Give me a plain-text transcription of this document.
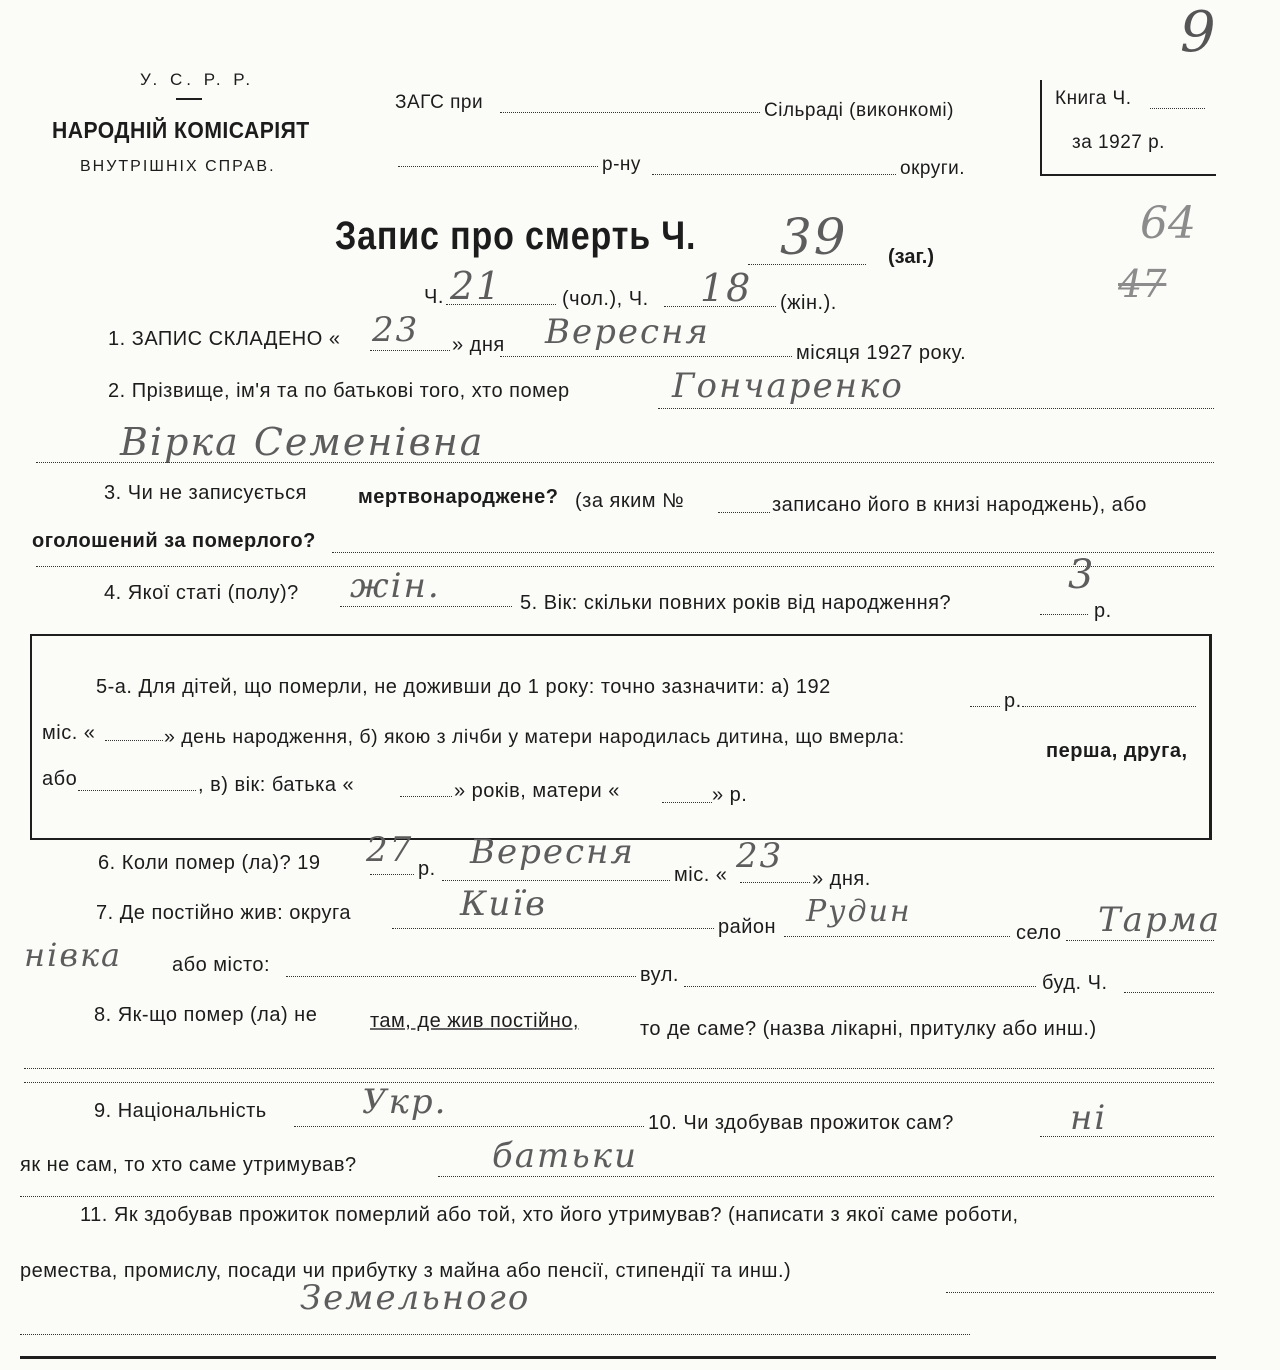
У. С. Р. Р.
НАРОДНІЙ КОМІСАРІЯТ
ВНУТРІШНІХ СПРАВ.
ЗАГС при	Сільраді (виконкомі)
р-ну	округи.
Книга Ч.
за 1927 р.
9
Запис про смерть Ч. 39 (заг.)
64
47
Ч. 21	(чол.), Ч. 18 (жін.).
1. ЗАПИС СКЛАДЕНО « 23 » дня Вересня
місяця 1927 року.
2. Прізвище, ім'я та по батькові того, хто помер	Гончаренко
Вірка Семенівна
3. Чи не записується	мертвонароджене? (за яким №	записано його в книзі народжень), або
оголошений за померлого?
4. Якої статі (полу)? жін.	5. Вік: скільки повних років від народження?
3
р.
5-а. Для дітей, що померли, не доживши до 1 року: точно зазначити: а) 192
р.
міс. «	» день народження, б) якою з лічби у матери народилась дитина, що вмерла:
перша, друга,
або	, в) вік: батька «	» років, матери «	» р.
6. Коли помер (ла)? 19 27 р. Вересня
міс. « 23
» дня.
7. Де постійно жив: округа	Київ
район Рудин
село Тарма
нівка або місто:	вул.	буд. Ч.
8. Як-що помер (ла) не	там, де жив постійно,	то де саме? (назва лікарні, притулку або инш.)
9. Національність	Укр.
10. Чи здобував прожиток сам?	ні
як не сам, то хто саме утримував?	батьки
11. Як здобував прожиток померлий або той, хто його утримував? (написати з якої саме роботи,
ремества, промислу, посади чи прибутку з майна або пенсії, стипендії та инш.)
Земельного
